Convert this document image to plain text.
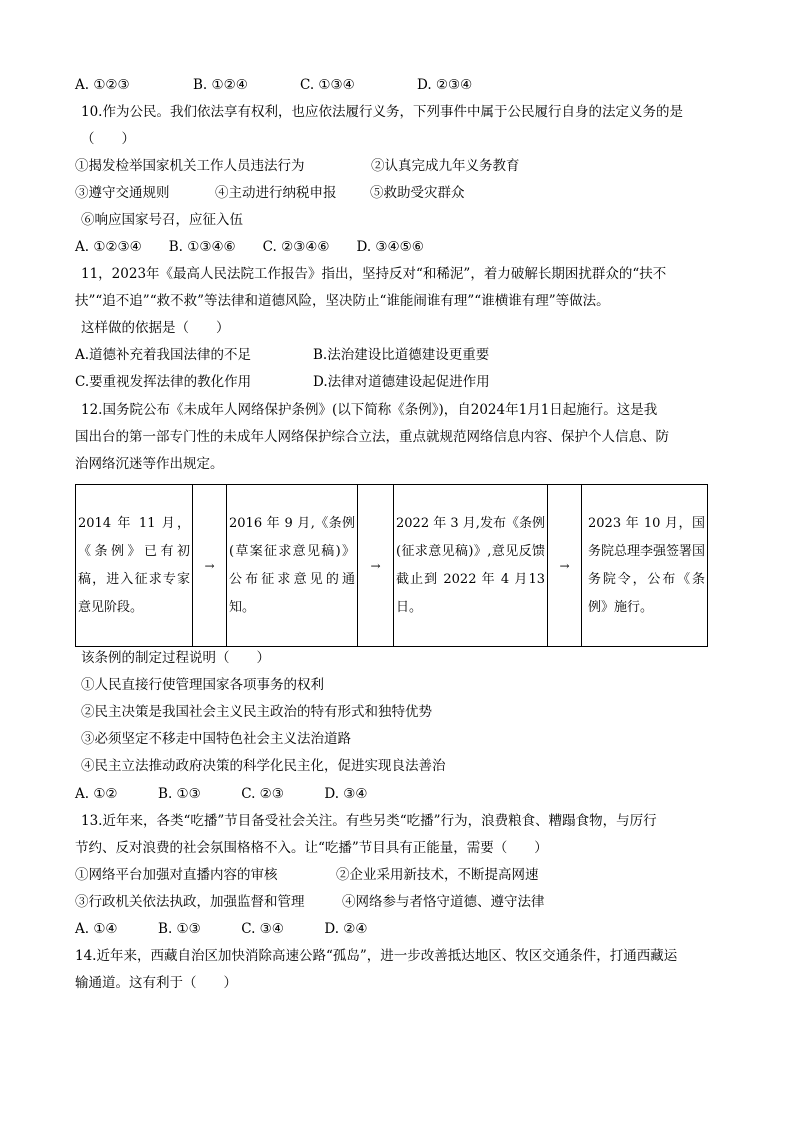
A. ①②③	B. ①②④	C. ①③④	D. ②③④
10.作为公民。我们依法享有权利，也应依法履行义务，下列事件中属于公民履行自身的法定义务的是
（　　）
①揭发检举国家机关工作人员违法行为	②认真完成九年义务教育
③遵守交通规则	④主动进行纳税申报 ⑤救助受灾群众
⑥响应国家号召，应征入伍
A. ①②③④　　B. ①③④⑥　　C. ②③④⑥　　D. ③④⑤⑥
11，2023年《最高人民法院工作报告》指出，坚持反对“和稀泥”，着力破解长期困扰群众的“扶不
扶”“追不追”“救不救”等法律和道德风险，坚决防止“谁能闹谁有理”“谁横谁有理”等做法。
这样做的依据是（　　）
A.道德补充着我国法律的不足	B.法治建设比道德建设更重要
C.要重视发挥法律的教化作用	D.法律对道德建设起促进作用
12.国务院公布《未成年人网络保护条例》(以下简称《条例》)，自2024年1月1日起施行。这是我
国出台的第一部专门性的未成年人网络保护综合立法，重点就规范网络信息内容、保护个人信息、防
治网络沉迷等作出规定。
2014 年 11 月，《条例》已有初稿，进入征求专家意见阶段。	→	2016 年 9 月,《条例(草案征求意见稿)》公布征求意见的通知。	→	2022 年 3 月,发布《条例(征求意见稿)》,意见反馈截止到 2022 年 4 月13 日。	→	2023 年 10 月，国务院总理李强签署国务院令，公布《条例》施行。
该条例的制定过程说明（　　）
①人民直接行使管理国家各项事务的权利
②民主决策是我国社会主义民主政治的特有形式和独特优势
③必须坚定不移走中国特色社会主义法治道路
④民主立法推动政府决策的科学化民主化，促进实现良法善治
A. ①②　　　B. ①③　　　C. ②③　　　D. ③④
13.近年来，各类“吃播”节目备受社会关注。有些另类“吃播”行为，浪费粮食、糟蹋食物，与厉行
节约、反对浪费的社会氛围格格不入。让“吃播”节目具有正能量，需要（　　）
①网络平台加强对直播内容的审核	②企业采用新技术，不断提高网速
③行政机关依法执政，加强监督和管理	④网络参与者恪守道德、遵守法律
A. ①④　　　B. ①③　　　C. ③④　　　D. ②④
14.近年来，西藏自治区加快消除高速公路“孤岛”，进一步改善抵达地区、牧区交通条件，打通西藏运
输通道。这有利于（　　）
